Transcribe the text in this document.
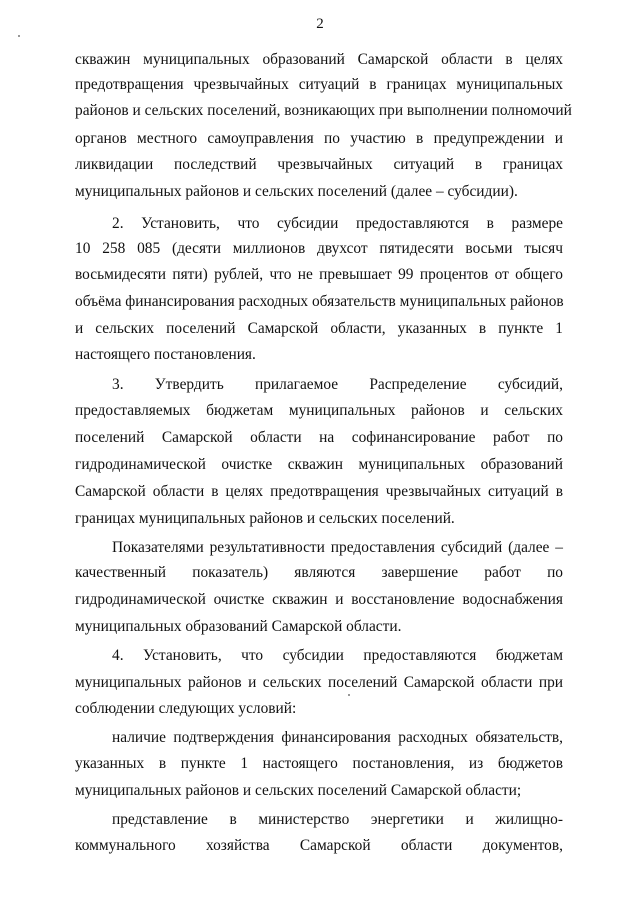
2
скважин муниципальных образований Самарской области в целях
предотвращения чрезвычайных ситуаций в границах муниципальных
районов и сельских поселений, возникающих при выполнении полномочий
органов местного самоуправления по участию в предупреждении и
ликвидации последствий чрезвычайных ситуаций в границах
муниципальных районов и сельских поселений (далее – субсидии).
2. Установить, что субсидии предоставляются в размере
10 258 085 (десяти миллионов двухсот пятидесяти восьми тысяч
восьмидесяти пяти) рублей, что не превышает 99 процентов от общего
объёма финансирования расходных обязательств муниципальных районов
и сельских поселений Самарской области, указанных в пункте 1
настоящего постановления.
3. Утвердить прилагаемое Распределение субсидий,
предоставляемых бюджетам муниципальных районов и сельских
поселений Самарской области на софинансирование работ по
гидродинамической очистке скважин муниципальных образований
Самарской области в целях предотвращения чрезвычайных ситуаций в
границах муниципальных районов и сельских поселений.
Показателями результативности предоставления субсидий (далее –
качественный показатель) являются завершение работ по
гидродинамической очистке скважин и восстановление водоснабжения
муниципальных образований Самарской области.
4. Установить, что субсидии предоставляются бюджетам
муниципальных районов и сельских поселений Самарской области при
соблюдении следующих условий:
наличие подтверждения финансирования расходных обязательств,
указанных в пункте 1 настоящего постановления, из бюджетов
муниципальных районов и сельских поселений Самарской области;
представление в министерство энергетики и жилищно-
коммунального хозяйства Самарской области документов,
